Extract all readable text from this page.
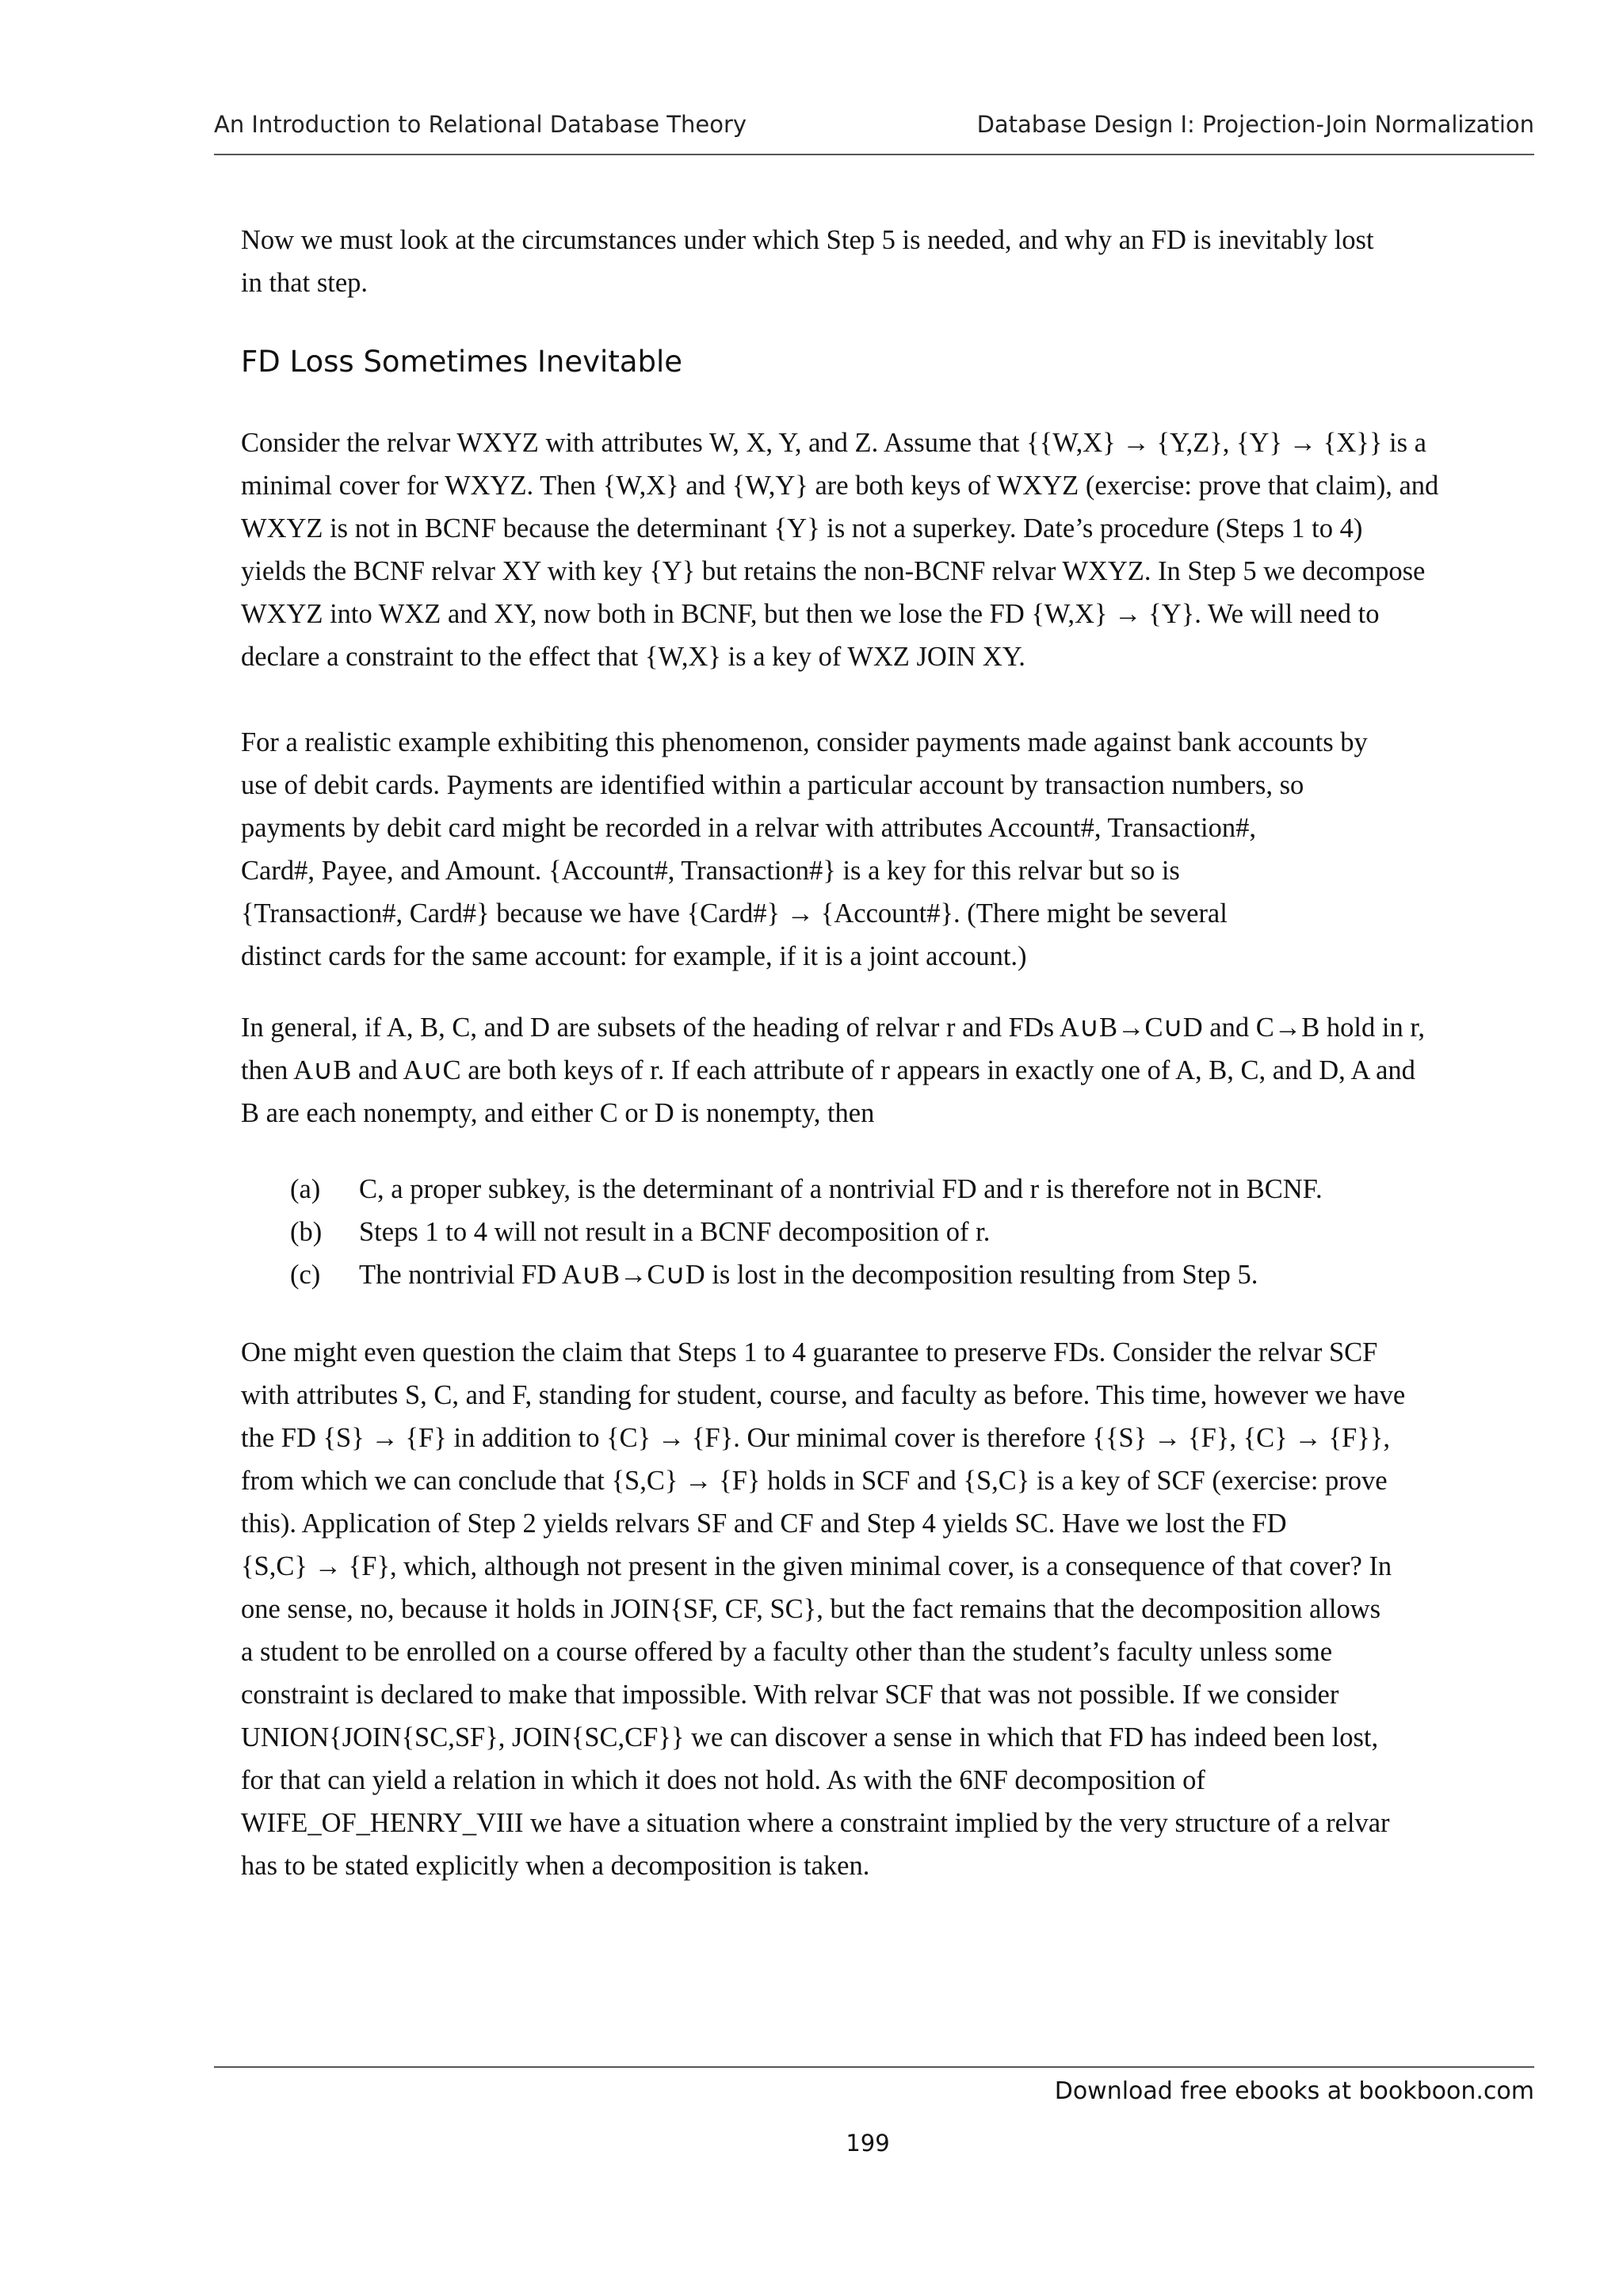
An Introduction to Relational Database Theory	Database Design I: Projection-Join Normalization

Now we must look at the circumstances under which Step 5 is needed, and why an FD is inevitably lost

in that step.

FD Loss Sometimes Inevitable

Consider the relvar WXYZ with attributes W, X, Y, and Z. Assume that {{W,X} → {Y,Z}, {Y} → {X}} is a

minimal cover for WXYZ. Then {W,X} and {W,Y} are both keys of WXYZ (exercise: prove that claim), and

WXYZ is not in BCNF because the determinant {Y} is not a superkey. Date’s procedure (Steps 1 to 4)

yields the BCNF relvar XY with key {Y} but retains the non-BCNF relvar WXYZ. In Step 5 we decompose

WXYZ into WXZ and XY, now both in BCNF, but then we lose the FD {W,X} → {Y}. We will need to

declare a constraint to the effect that {W,X} is a key of WXZ JOIN XY.

For a realistic example exhibiting this phenomenon, consider payments made against bank accounts by

use of debit cards. Payments are identified within a particular account by transaction numbers, so

payments by debit card might be recorded in a relvar with attributes Account#, Transaction#,

Card#, Payee, and Amount. {Account#, Transaction#} is a key for this relvar but so is

{Transaction#, Card#} because we have {Card#} → {Account#}. (There might be several

distinct cards for the same account: for example, if it is a joint account.)

In general, if A, B, C, and D are subsets of the heading of relvar r and FDs A∪B→C∪D and C→B hold in r,

then A∪B and A∪C are both keys of r. If each attribute of r appears in exactly one of A, B, C, and D, A and

B are each nonempty, and either C or D is nonempty, then

(a)	C, a proper subkey, is the determinant of a nontrivial FD and r is therefore not in BCNF.
(b)	Steps 1 to 4 will not result in a BCNF decomposition of r.
(c)	The nontrivial FD A∪B→C∪D is lost in the decomposition resulting from Step 5.

One might even question the claim that Steps 1 to 4 guarantee to preserve FDs. Consider the relvar SCF

with attributes S, C, and F, standing for student, course, and faculty as before. This time, however we have

the FD {S} → {F} in addition to {C} → {F}. Our minimal cover is therefore {{S} → {F}, {C} → {F}},

from which we can conclude that {S,C} → {F} holds in SCF and {S,C} is a key of SCF (exercise: prove

this). Application of Step 2 yields relvars SF and CF and Step 4 yields SC. Have we lost the FD

{S,C} → {F}, which, although not present in the given minimal cover, is a consequence of that cover? In

one sense, no, because it holds in JOIN{SF, CF, SC}, but the fact remains that the decomposition allows

a student to be enrolled on a course offered by a faculty other than the student’s faculty unless some

constraint is declared to make that impossible. With relvar SCF that was not possible. If we consider

UNION{JOIN{SC,SF}, JOIN{SC,CF}} we can discover a sense in which that FD has indeed been lost,

for that can yield a relation in which it does not hold. As with the 6NF decomposition of

WIFE_OF_HENRY_VIII we have a situation where a constraint implied by the very structure of a relvar

has to be stated explicitly when a decomposition is taken.

Download free ebooks at bookboon.com
199
